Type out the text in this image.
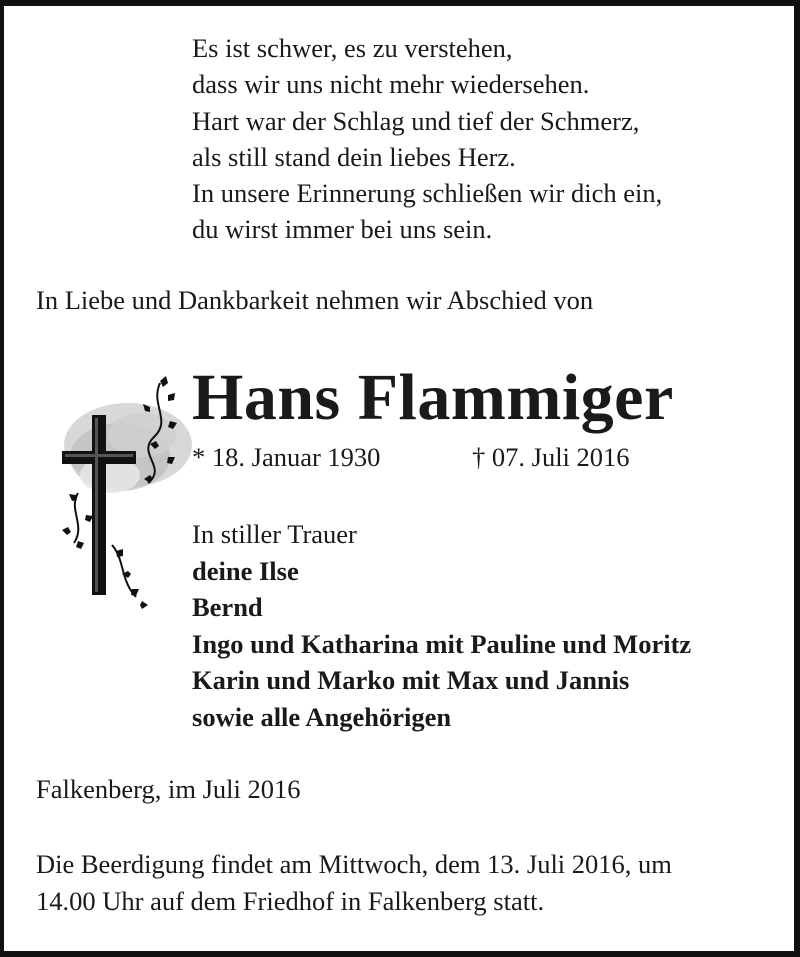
Es ist schwer, es zu verstehen,
dass wir uns nicht mehr wiedersehen.
Hart war der Schlag und tief der Schmerz,
als still stand dein liebes Herz.
In unsere Erinnerung schließen wir dich ein,
du wirst immer bei uns sein.
In Liebe und Dankbarkeit nehmen wir Abschied von
Hans Flammiger
* 18. Januar 1930	† 07. Juli 2016
In stiller Trauer
deine Ilse
Bernd
Ingo und Katharina mit Pauline und Moritz
Karin und Marko mit Max und Jannis
sowie alle Angehörigen
Falkenberg, im Juli 2016
Die Beerdigung findet am Mittwoch, dem 13. Juli 2016, um
14.00 Uhr auf dem Friedhof in Falkenberg statt.
